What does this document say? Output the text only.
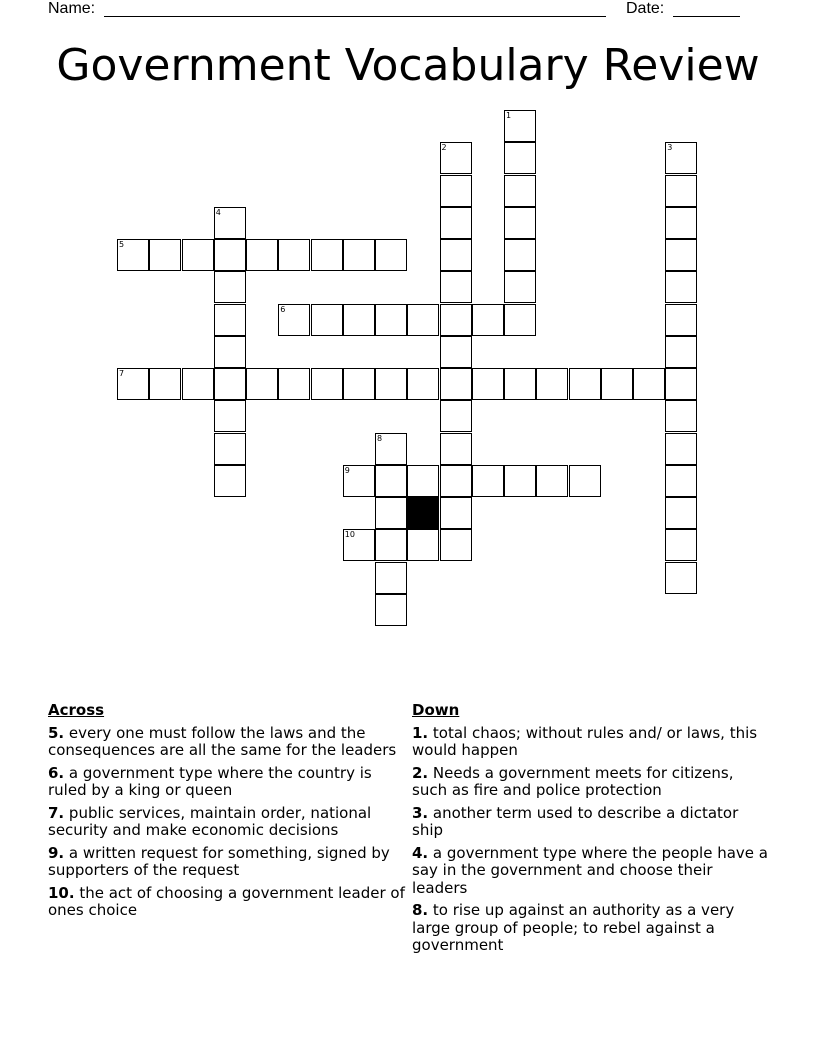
Name:	Date:
Government Vocabulary Review
1
2	3
4
5
6
7
8
9
10
Across
5. every one must follow the laws and the consequences are all the same for the leaders
6. a government type where the country is ruled by a king or queen
7. public services, maintain order, national security and make economic decisions
9. a written request for something, signed by supporters of the request
10. the act of choosing a government leader of ones choice
Down
1. total chaos; without rules and/ or laws, this would happen
2. Needs a government meets for citizens, such as fire and police protection
3. another term used to describe a dictator ship
4. a government type where the people have a say in the government and choose their leaders
8. to rise up against an authority as a very large group of people; to rebel against a government
